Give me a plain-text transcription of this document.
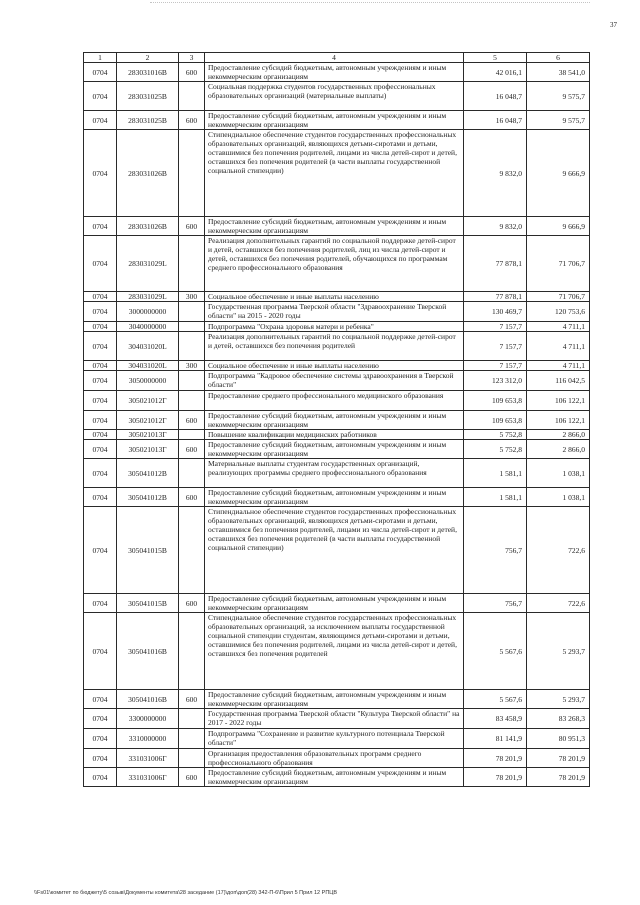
37
1	2	3	4	5	6
0704	283031016В	600	Предоставление субсидий бюджетным, автономным учреждениям и иным некоммерческим организациям	42 016,1	38 541,0
0704	283031025В		Социальная поддержка студентов государственных профессиональных образовательных организаций (материальные выплаты)	16 048,7	9 575,7
0704	283031025В	600	Предоставление субсидий бюджетным, автономным учреждениям и иным некоммерческим организациям	16 048,7	9 575,7
0704	283031026В		Стипендиальное обеспечение студентов государственных профессиональных образовательных организаций, являющихся детьми-сиротами и детьми, оставшимися без попечения родителей, лицами из числа детей-сирот и детей, оставшихся без попечения родителей (в части выплаты государственной социальной стипендии)	9 832,0	9 666,9
0704	283031026В	600	Предоставление субсидий бюджетным, автономным учреждениям и иным некоммерческим организациям	9 832,0	9 666,9
0704	283031029L		Реализация дополнительных гарантий по социальной поддержке детей-сирот и детей, оставшихся без попечения родителей, лиц из числа детей-сирот и детей, оставшихся без попечения родителей, обучающихся по программам среднего профессионального образования	77 878,1	71 706,7
0704	283031029L	300	Социальное обеспечение и иные выплаты населению	77 878,1	71 706,7
0704	3000000000		Государственная программа Тверской области "Здравоохранение Тверской области" на 2015 - 2020 годы	130 469,7	120 753,6
0704	3040000000		Подпрограмма "Охрана здоровья матери и ребенка"	7 157,7	4 711,1
0704	304031020L		Реализация дополнительных гарантий по социальной поддержке детей-сирот и детей, оставшихся без попечения родителей	7 157,7	4 711,1
0704	304031020L	300	Социальное обеспечение и иные выплаты населению	7 157,7	4 711,1
0704	3050000000		Подпрограмма "Кадровое обеспечение системы здравоохранения в Тверской области"	123 312,0	116 042,5
0704	305021012Г		Предоставление среднего профессионального медицинского образования	109 653,8	106 122,1
0704	305021012Г	600	Предоставление субсидий бюджетным, автономным учреждениям и иным некоммерческим организациям	109 653,8	106 122,1
0704	305021013Г		Повышение квалификации медицинских работников	5 752,8	2 866,0
0704	305021013Г	600	Предоставление субсидий бюджетным, автономным учреждениям и иным некоммерческим организациям	5 752,8	2 866,0
0704	305041012В		Материальные выплаты студентам государственных организаций, реализующих программы среднего профессионального образования	1 581,1	1 038,1
0704	305041012В	600	Предоставление субсидий бюджетным, автономным учреждениям и иным некоммерческим организациям	1 581,1	1 038,1
0704	305041015В		Стипендиальное обеспечение студентов государственных профессиональных образовательных организаций, являющихся детьми-сиротами и детьми, оставшимися без попечения родителей, лицами из числа детей-сирот и детей, оставшихся без попечения родителей (в части выплаты государственной социальной стипендии)	756,7	722,6
0704	305041015В	600	Предоставление субсидий бюджетным, автономным учреждениям и иным некоммерческим организациям	756,7	722,6
0704	305041016В		Стипендиальное обеспечение студентов государственных профессиональных образовательных организаций, за исключением выплаты государственной социальной стипендии студентам, являющимся детьми-сиротами и детьми, оставшимися без попечения родителей, лицами из числа детей-сирот и детей, оставшихся без попечения родителей	5 567,6	5 293,7
0704	305041016В	600	Предоставление субсидий бюджетным, автономным учреждениям и иным некоммерческим организациям	5 567,6	5 293,7
0704	3300000000		Государственная программа Тверской области "Культура Тверской области" на 2017 - 2022 годы	83 458,9	83 268,3
0704	3310000000		Подпрограмма "Сохранение и развитие культурного потенциала Тверской области"	81 141,9	80 951,3
0704	331031006Г		Организация предоставления образовательных программ среднего профессионального образования	78 201,9	78 201,9
0704	331031006Г	600	Предоставление субсидий бюджетным, автономным учреждениям и иным некоммерческим организациям	78 201,9	78 201,9
\\Fs01\комитет по бюджету\5 созыв\Документы комитета\28 заседание (17)\доп\доп(28) 342-П-6\Прил 5 Прил 12 РПЦВ
